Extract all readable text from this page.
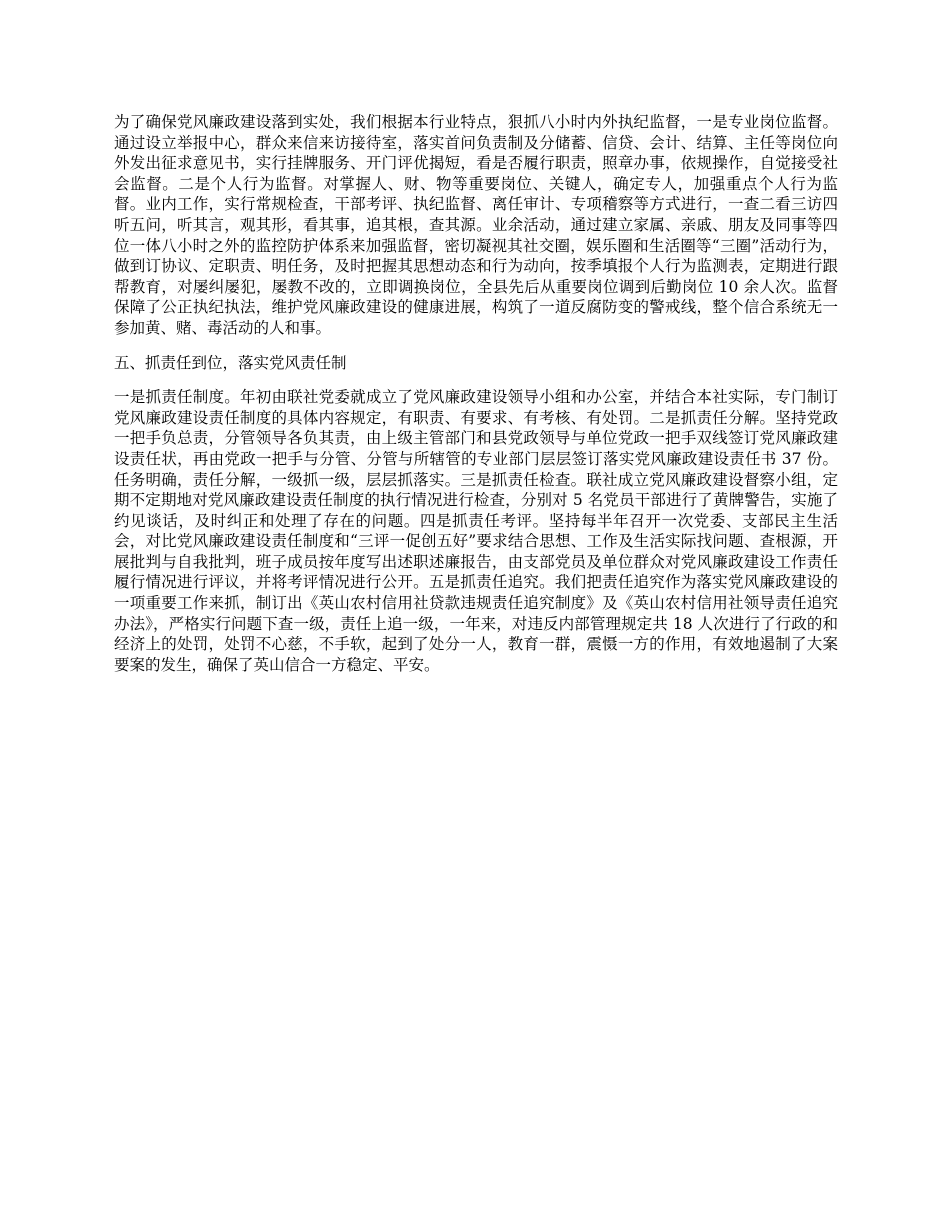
为了确保党风廉政建设落到实处，我们根据本行业特点，狠抓八小时内外执纪监督，一是专业岗位监督。通过设立举报中心，群众来信来访接待室，落实首问负责制及分储蓄、信贷、会计、结算、主任等岗位向外发出征求意见书，实行挂牌服务、开门评优揭短，看是否履行职责，照章办事，依规操作，自觉接受社会监督。二是个人行为监督。对掌握人、财、物等重要岗位、关键人，确定专人，加强重点个人行为监督。业内工作，实行常规检查，干部考评、执纪监督、离任审计、专项稽察等方式进行，一查二看三访四听五问，听其言，观其形，看其事，追其根，查其源。业余活动，通过建立家属、亲戚、朋友及同事等四位一体八小时之外的监控防护体系来加强监督，密切凝视其社交圈，娱乐圈和生活圈等“三圈”活动行为，做到订协议、定职责、明任务，及时把握其思想动态和行为动向，按季填报个人行为监测表，定期进行跟帮教育，对屡纠屡犯，屡教不改的，立即调换岗位，全县先后从重要岗位调到后勤岗位 10 余人次。监督保障了公正执纪执法，维护党风廉政建设的健康进展，构筑了一道反腐防变的警戒线，整个信合系统无一参加黄、赌、毒活动的人和事。

五、抓责任到位，落实党风责任制

一是抓责任制度。年初由联社党委就成立了党风廉政建设领导小组和办公室，并结合本社实际，专门制订党风廉政建设责任制度的具体内容规定，有职责、有要求、有考核、有处罚。二是抓责任分解。坚持党政一把手负总责，分管领导各负其责，由上级主管部门和县党政领导与单位党政一把手双线签订党风廉政建设责任状，再由党政一把手与分管、分管与所辖管的专业部门层层签订落实党风廉政建设责任书 37 份。任务明确，责任分解，一级抓一级，层层抓落实。三是抓责任检查。联社成立党风廉政建设督察小组，定期不定期地对党风廉政建设责任制度的执行情况进行检查，分别对 5 名党员干部进行了黄牌警告，实施了约见谈话，及时纠正和处理了存在的问题。四是抓责任考评。坚持每半年召开一次党委、支部民主生活会，对比党风廉政建设责任制度和“三评一促创五好”要求结合思想、工作及生活实际找问题、查根源，开展批判与自我批判，班子成员按年度写出述职述廉报告，由支部党员及单位群众对党风廉政建设工作责任履行情况进行评议，并将考评情况进行公开。五是抓责任追究。我们把责任追究作为落实党风廉政建设的一项重要工作来抓，制订出《英山农村信用社贷款违规责任追究制度》及《英山农村信用社领导责任追究办法》，严格实行问题下查一级，责任上追一级，一年来，对违反内部管理规定共 18 人次进行了行政的和经济上的处罚，处罚不心慈，不手软，起到了处分一人，教育一群，震慑一方的作用，有效地遏制了大案要案的发生，确保了英山信合一方稳定、平安。
